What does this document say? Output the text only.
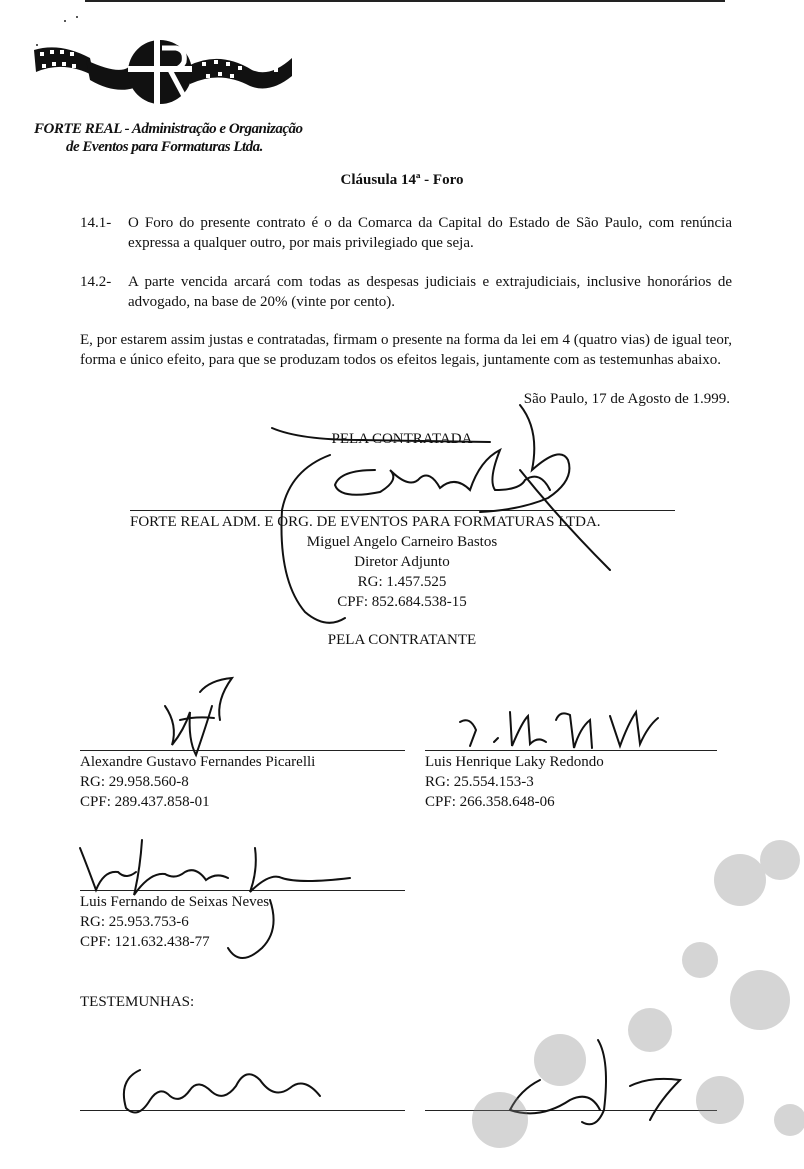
FORTE REAL - Administração e Organização
de Eventos para Formaturas Ltda.
Cláusula 14ª - Foro
14.1- O Foro do presente contrato é o da Comarca da Capital do Estado de São Paulo, com renúncia expressa a qualquer outro, por mais privilegiado que seja.
14.2- A parte vencida arcará com todas as despesas judiciais e extrajudiciais, inclusive honorários de advogado, na base de 20% (vinte por cento).
E, por estarem assim justas e contratadas, firmam o presente na forma da lei em 4 (quatro vias) de igual teor, forma e único efeito, para que se produzam todos os efeitos legais, juntamente com as testemunhas abaixo.
São Paulo, 17 de Agosto de 1.999.
PELA CONTRATADA
FORTE REAL ADM. E ORG. DE EVENTOS PARA FORMATURAS LTDA.
Miguel Angelo Carneiro Bastos
Diretor Adjunto
RG: 1.457.525
CPF: 852.684.538-15
PELA CONTRATANTE
Alexandre Gustavo Fernandes Picarelli
RG: 29.958.560-8
CPF: 289.437.858-01
Luis Henrique Laky Redondo
RG: 25.554.153-3
CPF: 266.358.648-06
Luis Fernando de Seixas Neves
RG: 25.953.753-6
CPF: 121.632.438-77
TESTEMUNHAS:
